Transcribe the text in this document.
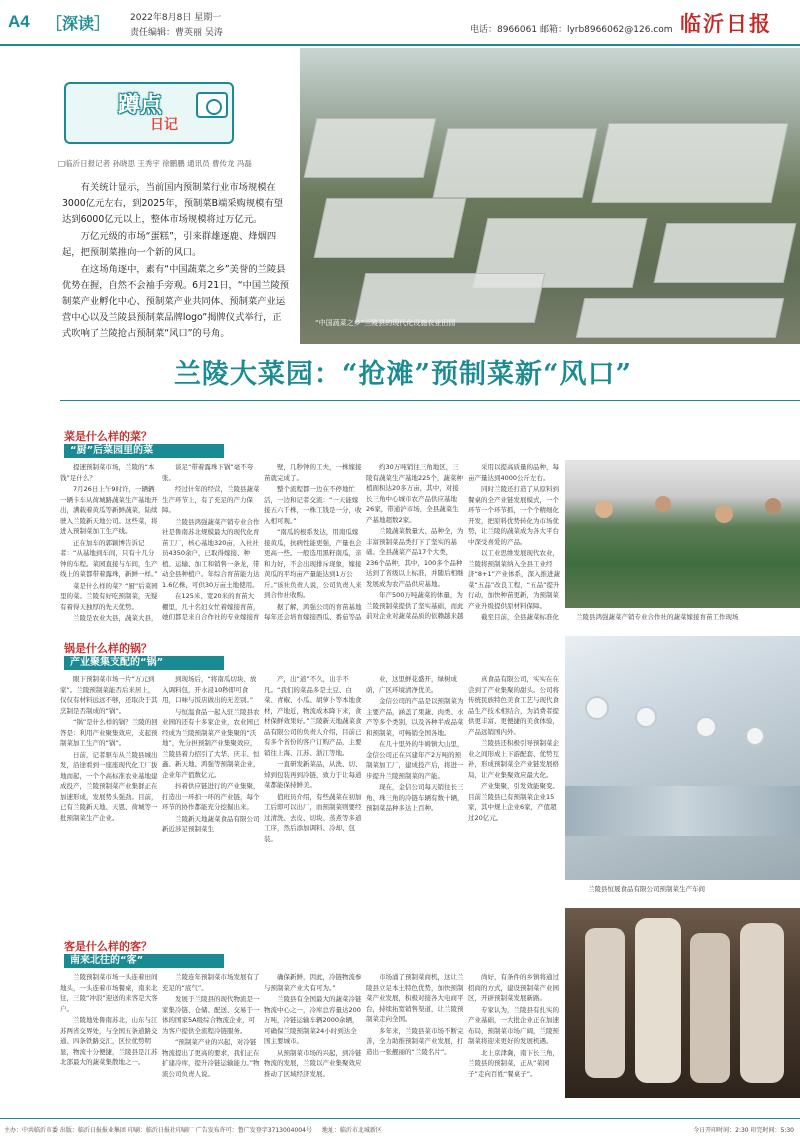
A4 ［深读］ 2022年8月8日 星期一
责任编辑：曹英丽 吴涛	电话：8966061 邮箱：lyrb8966062@126.com 临沂日报
蹲点
日记
□临沂日报记者 孙晓思 王秀宇 徐鹏鹏 通讯员 曹传龙 冯磊
“中国蔬菜之乡”兰陵县的现代化设施农业田园

有关统计显示，当前国内预制菜行业市场规模在3000亿元左右，到2025年，预制菜B端采购规模有望达到6000亿元以上，整体市场规模将过万亿元。

万亿元级的市场“蛋糕”，引来群雄逐鹿、烽烟四起，把预制菜推向一个新的风口。

在这场角逐中，素有“中国蔬菜之乡”美誉的兰陵县优势在握，自然不会袖手旁观。6月21日，“中国兰陵预制菜产业孵化中心、预制菜产业共同体、预制菜产业运营中心以及兰陵县预制菜品牌logo”揭牌仪式举行，正式吹响了兰陵抢占预制菜“风口”的号角。

兰陵大菜园：“抢滩”预制菜新“风口”
菜是什么样的菜？
“厨”后菜园里的菜

提速预制菜市场，兰陵的“本钱”足什么？

7月26日上午9时许，一辆辆一辆卡车从荷城路蔬菜生产基地开出，满载着黄瓜等新鲜蔬菜，陆续驶入兰陵新天地公司。这些菜，将进入预制菜加工生产线。

正在加车的郭颖博告诉记者：“从基地到车间，只有十几分钟的车程。菜园直接与车间，生产线上的菜都带着露珠，新鲜一样。”

菜是什么样的菜？“厨”后菜园里的菜。兰陵有好吃预制菜，无疑有着得天独厚的先天优势。

兰陵是农业大县，蔬菜大县，

谈足“带着露珠下锅”毫不夸张。

经过什年的经营，兰陵县蔬菜生产环节上，有了充足的产力保障。

兰陵县鸿强蔬菜产销专业合作社是鲁南苏北规模最大的现代化育苗工厂，核心基地320亩，入社社员4350余户，已取得嫁接、种植、运输、加工和销售一条龙，带动全县种植户。年综合育苗能力达1.6亿株，可供30万亩土地使用。

在125米、宽20米的育苗大棚里，几十名妇女忙着嫁接育苗，她们都是来自合作社的专业嫁接育

壁，几秒钟的工夫，一株嫁接苗就完成了。

整个流程都一边在不停地忙活，一边和记者交流：“一天能嫁接五六千株，一株工钱是一分，收入相可观。”

“南瓜的根系发达，用南瓜嫁接黄瓜，抗病性能更强，产量也会更高一些。一般选用黑籽南瓜，亲和力好，不会出现排斥现象，嫁接黄瓜的平均亩产量能达到1万公斤。”该社负责人说，公司负责人来到合作社收购。

据了解，鸿强公司的育苗基地每年还会培育嫁接西瓜、番茄等品

约30万吨销往三角地区，三陵有蔬菜生产基地225个，蔬菜种植面积达20多万亩，其中，对接长三角中心城市农产品供应基地26家，带通沪市场，全县蔬菜生产基地超数2家。

兰陵蔬菜数量大、品种全，为丰富预制菜品类打下了坚实的基础。全县蔬菜产品17个大类，236个品种，其中，100多个品种达到了省级以上标准，并随后相继发展成为农产品供应基地。

年产500万吨蔬菜的体量，为兰陵预制菜提供了坚实基础，而此前对企业对蔬菜品质的依赖越来越

采用以提高质量的品种，每亩产量达到4000公斤左右。

同时兰陵还打造了从原料到餐桌的全产业链发展模式，一个环节一个环节抓，一个个精细化开发，把原料优势转化为市场优势，让兰陵的蔬菜成为各大平台中深受喜爱的产品。

以工业思维发展现代农业，兰陵将预制菜纳入全县工业经济“8+1”产业体系，深入推进蔬菜“五品”改良工程，“五品”提升行动，加快种苗更新，为预制菜产业升级提供原材料保障。

截至目前，全县蔬菜标准化	兰陵县鸿强蔬菜产销专业合作社的蔬菜嫁接育苗工作现场
锅是什么样的锅？
产业聚集支配的“锅”

眼下预制菜市场一片“万元到家”。兰陵预制菜能否后来居上，仅仅有材料远远不够，还取决于其烹制是否制成的“锅”。

“锅”是什么样的锅？兰陵的回答是：利用产业聚集效应，支起预制菜加工生产的“锅”。

日前，记者驱车从兰陵县城出发，沿途看到一座座现代化工厂拔地而起，一个个高标准农业基地建成投产，兰陵预制菜产业集群正在加速形成，发展势头强劲。目前，已有兰陵新天地、天恩、荷城等一批预制菜生产企业。

到现场后，“将南瓜切块、放入调料包，开水浸10秒即可食用，口味与饭店做出的无差别。”

与恒温食品一起入驻兰陵县农业园的还有十多家企业，农业园已经成为兰陵预制菜产业集聚的“沃地”，先分担预制产业集聚效应，兰陵县着力招引了大华、庆丰、恒鑫、新天地、鸿强等预制菜企业，企业年产值数亿元。

抖着供应链进行的产业集聚，打造出一环扣一环的产业链，每个环节的协作都能充分挖掘出来。

兰陵新天地蔬菜食品有限公司新近涉足预制菜生

产，出“道”不久，出手不凡。“我们的菜品多是土豆、白菜、青椒、小瓜、胡萝卜等本地食材，产地近，物流成本降下来，食材保鲜效果好。”兰陵新天地蔬菜食品有限公司的负责人介绍，目前已有多个省份的客户订购产品，主要销往上海、江苏、浙江等地。

一直研发新菜品，从洗、切、焯到包装再到冷链，致力于让每道菜都能保持鲜美。

值班员介绍，有些蔬菜在初加工后即可以出厂，而预制菜则要经过清洗、去皮、切块、蒸煮等多道工序，然后添加调料、冷却、包装。

业，这里鲜花盛开，绿树成荫，广区环境清净优美。

金信公司的产品是以预制菜为主要产品，涵盖了果蔬、肉类、水产等多个类别，以及各种半成品菜和预制菜，可畅销全国各地。

在几十里外的牛姆镇大山里，金信公司正在兴建年产2万吨的预制菜加工厂，建成投产后，将进一步提升兰陵预制菜的产能。

现在，金信公司每天销往长三角、珠三角的冷链车辆有数十辆，预制菜品种多达上百种。

真食品有限公司，实实在在尝到了产业集聚的甜头。公司将传统民族特色美食工艺与现代食品生产技术相结合，为消费者提供更丰富、更便捷的美食体验，产品远销国内外。

兰陵县还积极引导预制菜企业之间形成上下游配套、优势互补，形成预制菜全产业链发展格局，让产业集聚效应最大化。

产业集聚，引发效能聚变。目前兰陵县已有预制菜企业15家，其中规上企业6家，产值超过20亿元。

兰陵县恒晟食品有限公司预制菜生产车间
客是什么样的客？
南来北往的“客”

兰陵预制菜市场一头连着田间地头，一头连着市场餐桌，南来北往，三陵“冲浪”迎送的来客是大客户。

兰陵地处鲁南苏北，山东与江苏两省交界处，与全国五条道路交通、四条铁路交汇，区位优势明显，物流十分便捷，兰陵县是江苏北部最大的蔬菜集散地之一。

兰陵连年预制菜市场发展有了充足的“底气”。

发展于兰陵县的现代物流是一家集冷链、仓储、配送、交易于一体的国家5A级综合物流企业，可为客户提供全流程冷链服务。

“预制菜产业的兴起，对冷链物流提出了更高的要求，我们正在扩建冷库，提升冷链运输能力。”物流公司负责人说。

确保新鲜，因此，冷链物流参与预制菜产业大有可为。”

兰陵县有全国最大的蔬菜冷链物流中心之一，冷库总容量达200万吨，冷链运输车辆2000余辆，可确保兰陵预制菜24小时到达全国主要城市。

从预制菜市场的兴起，到冷链物流的发展，兰陵以产业集聚效应推动了区域经济发展。

市场涌了预制菜商机，这让兰陵县立足本土特色优势，加快预制菜产业发展，积极对接各大电商平台，持续拓宽销售渠道，让兰陵预制菜走向全国。

多年来，兰陵县菜市场不断完善，全力助推预制菜产业发展，打造出一张靓丽的“兰陵名片”。

尚好，有条件的乡镇将通过招商的方式，建设预制菜产业园区，开辟预制菜发展新路。

专家认为，兰陵县有扎实的产业基础，一大批企业正在加速布局，预制菜市场广阔，兰陵预制菜将迎来更好的发展机遇。

北上京津冀，南下长三角，兰陵县的预制菜，正从“菜园子”走向百姓“餐桌子”。

兰陵县恒晟食品有限公司预制菜生产车间
主办：中共临沂市委 出版：临沂日报报业集团 印刷：临沂日报社印刷厂 广告发布许可：鲁广发登字3713004004号 地址：临沂市北城新区	今日开印时间：2:30 印完时间：5:30
